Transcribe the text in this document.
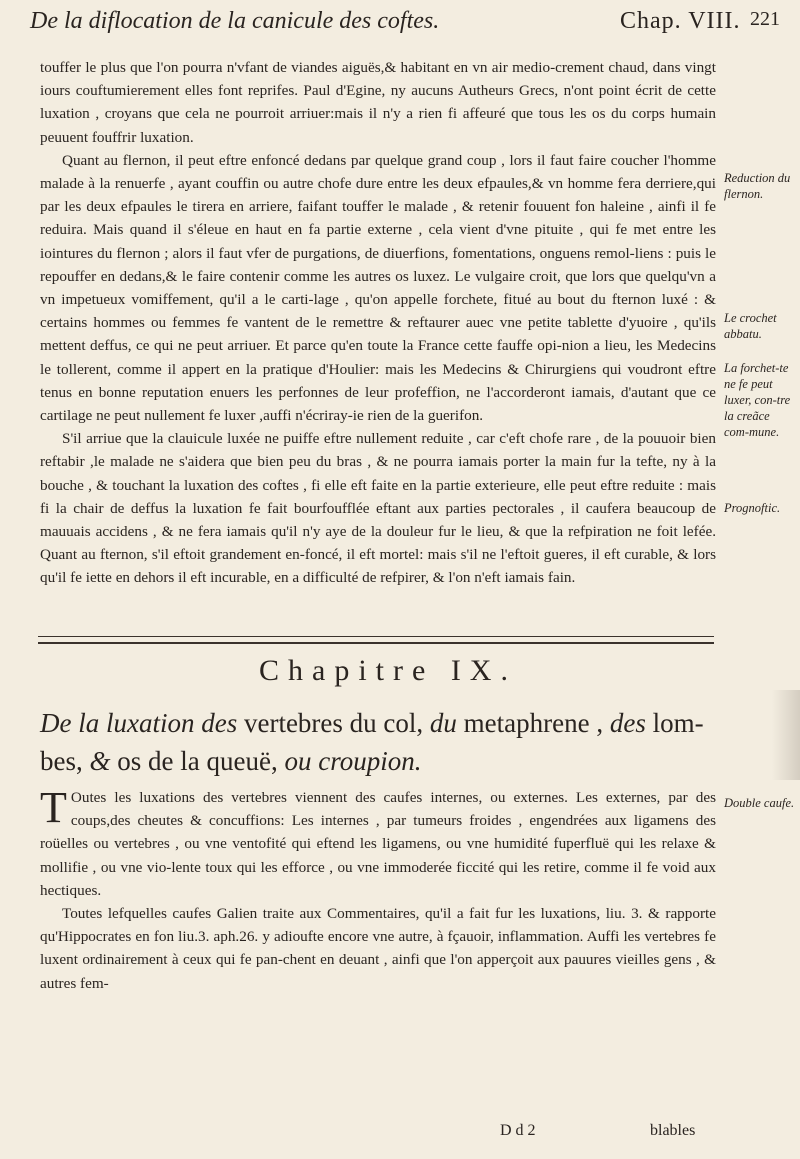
De la diflocation de la canicule des coftes.	Chap. VIII. 221

touffer le plus que l'on pourra n'vfant de viandes aiguës,& habitant en vn air medio-crement chaud, dans vingt iours couftumierement elles font reprifes. Paul d'Egine, ny aucuns Autheurs Grecs, n'ont point écrit de cette luxation , croyans que cela ne pourroit arriuer:mais il n'y a rien fi affeuré que tous les os du corps humain peuuent fouffrir luxation.

Quant au flernon, il peut eftre enfoncé dedans par quelque grand coup , lors il faut faire coucher l'homme malade à la renuerfe , ayant couffin ou autre chofe dure entre les deux efpaules,& vn homme fera derriere,qui par les deux efpaules le tirera en arriere, faifant touffer le malade , & retenir fouuent fon haleine , ainfi il fe reduira. Mais quand il s'éleue en haut en fa partie externe , cela vient d'vne pituite , qui fe met entre les iointures du flernon ; alors il faut vfer de purgations, de diuerfions, fomentations, onguens remol-liens : puis le repouffer en dedans,& le faire contenir comme les autres os luxez. Le vulgaire croit, que lors que quelqu'vn a vn impetueux vomiffement, qu'il a le carti-lage , qu'on appelle forchete, fitué au bout du fternon luxé : & certains hommes ou femmes fe vantent de le remettre & reftaurer auec vne petite tablette d'yuoire , qu'ils mettent deffus, ce qui ne peut arriuer. Et parce qu'en toute la France cette fauffe opi-nion a lieu, les Medecins le tollerent, comme il appert en la pratique d'Houlier: mais les Medecins & Chirurgiens qui voudront eftre tenus en bonne reputation enuers les perfonnes de leur profeffion, ne l'accorderont iamais, d'autant que ce cartilage ne peut nullement fe luxer ,auffi n'écriray-ie rien de la guerifon.

S'il arriue que la clauicule luxée ne puiffe eftre nullement reduite , car c'eft chofe rare , de la pouuoir bien reftabir ,le malade ne s'aidera que bien peu du bras , & ne pourra iamais porter la main fur la tefte, ny à la bouche , & touchant la luxation des coftes , fi elle eft faite en la partie exterieure, elle peut eftre reduite : mais fi la chair de deffus la luxation fe fait bourfoufflée eftant aux parties pectorales , il caufera beaucoup de mauuais accidens , & ne fera iamais qu'il n'y aye de la douleur fur le lieu, & que la refpiration ne foit lefée. Quant au fternon, s'il eftoit grandement en-foncé, il eft mortel: mais s'il ne l'eftoit gueres, il eft curable, & lors qu'il fe iette en dehors il eft incurable, en a difficulté de refpirer, & l'on n'eft iamais fain.

Reduction du flernon.
Le crochet abbatu.
La forchet-te ne fe peut luxer, con-tre la creãce com-mune.
Prognoftic.
Double caufe.
Chapitre IX.
De la luxation des vertebres du col, du metaphrene , des lom-bes, & os de la queuë, ou croupion.

T Outes les luxations des vertebres viennent des caufes internes, ou externes. Les externes, par des coups,des cheutes & concuffions: Les internes , par tumeurs froides , engendrées aux ligamens des roüelles ou vertebres , ou vne ventofité qui eftend les ligamens, ou vne humidité fuperfluë qui les relaxe & mollifie , ou vne vio-lente toux qui les efforce , ou vne immoderée ficcité qui les retire, comme il fe void aux hectiques.

Toutes lefquelles caufes Galien traite aux Commentaires, qu'il a fait fur les luxations, liu. 3. & rapporte qu'Hippocrates en fon liu.3. aph.26. y adioufte encore vne autre, à fçauoir, inflammation. Auffi les vertebres fe luxent ordinairement à ceux qui fe pan-chent en deuant , ainfi que l'on apperçoit aux pauures vieilles gens , & autres fem-

D d 2	blables
